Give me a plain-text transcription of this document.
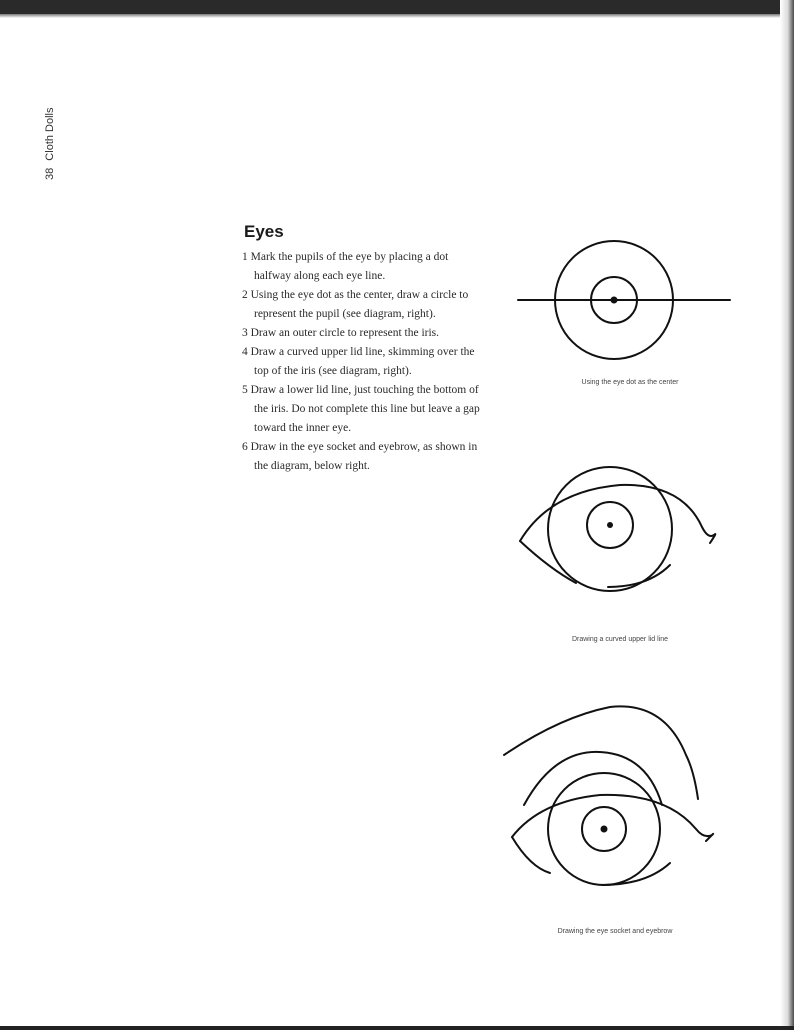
38 Cloth Dolls
Eyes
1 Mark the pupils of the eye by placing a dot halfway along each eye line.
2 Using the eye dot as the center, draw a circle to represent the pupil (see diagram, right).
3 Draw an outer circle to represent the iris.
4 Draw a curved upper lid line, skimming over the top of the iris (see diagram, right).
5 Draw a lower lid line, just touching the bottom of the iris. Do not complete this line but leave a gap toward the inner eye.
6 Draw in the eye socket and eyebrow, as shown in the diagram, below right.
Using the eye dot as the center
Drawing a curved upper lid line
Drawing the eye socket and eyebrow
